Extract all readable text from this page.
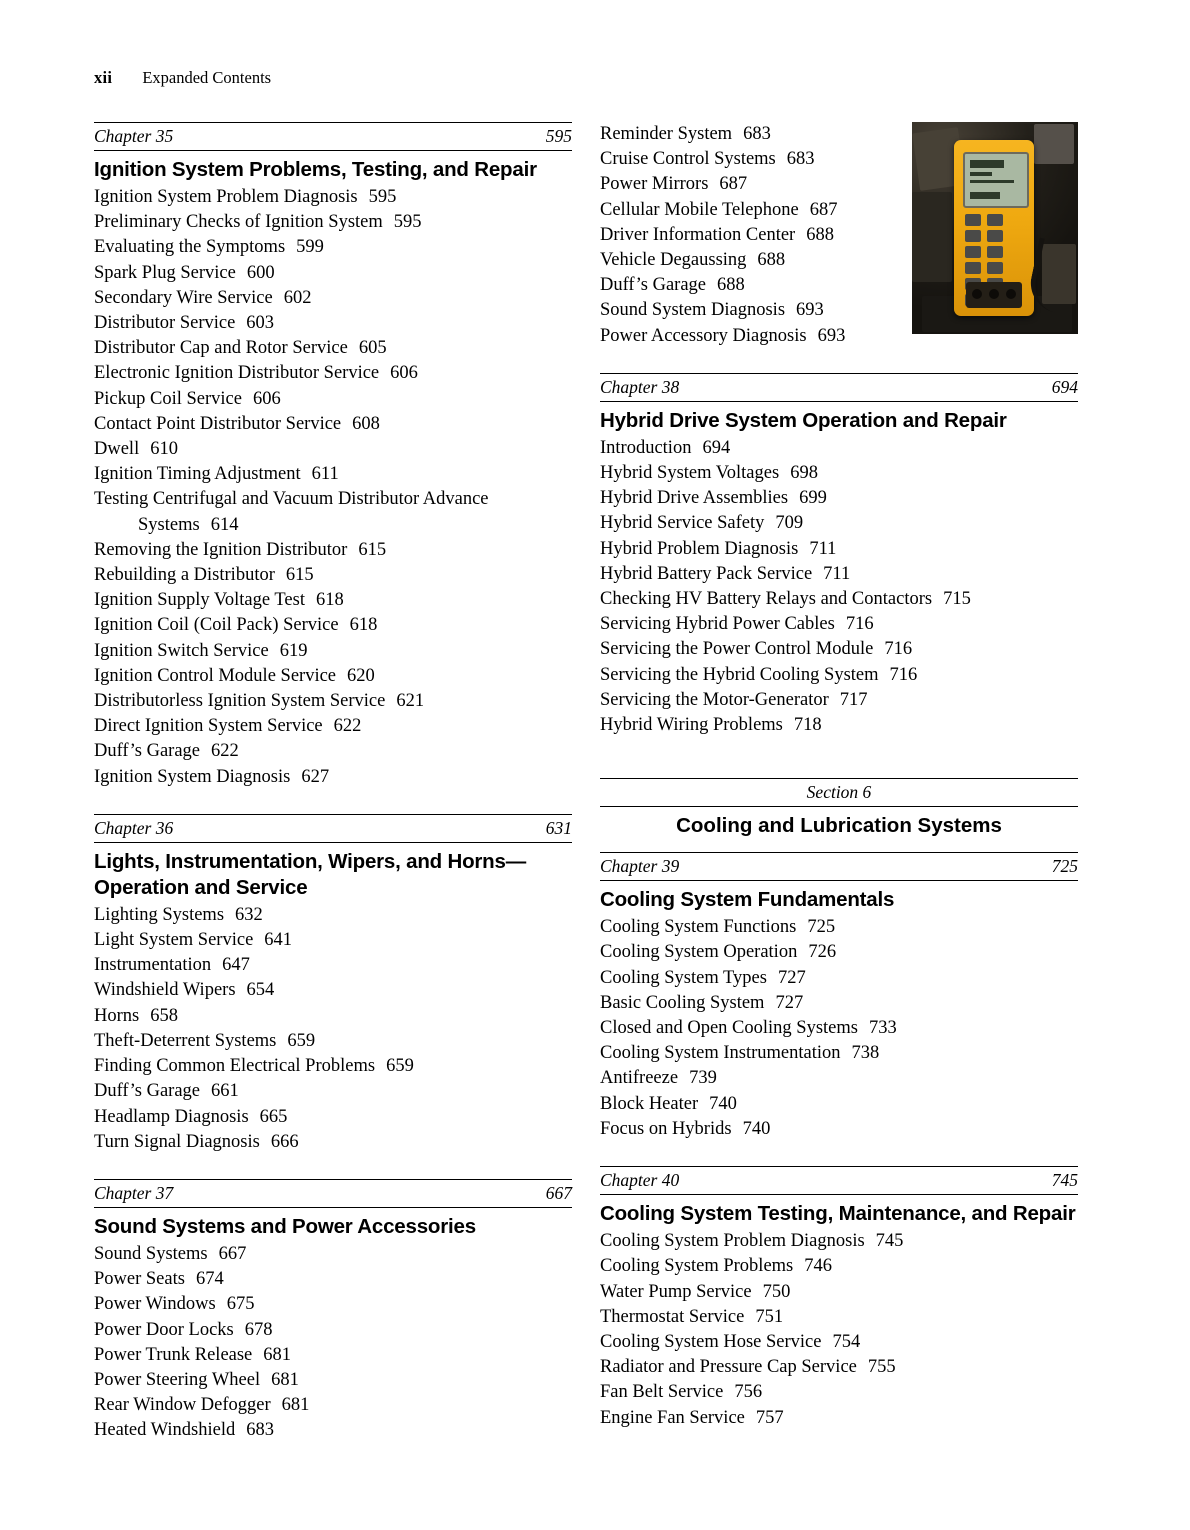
xii Expanded Contents
Chapter 35	595
Ignition System Problems, Testing, and Repair
Ignition System Problem Diagnosis 595
Preliminary Checks of Ignition System 595
Evaluating the Symptoms 599
Spark Plug Service 600
Secondary Wire Service 602
Distributor Service 603
Distributor Cap and Rotor Service 605
Electronic Ignition Distributor Service 606
Pickup Coil Service 606
Contact Point Distributor Service 608
Dwell 610
Ignition Timing Adjustment 611
Testing Centrifugal and Vacuum Distributor Advance
Systems 614
Removing the Ignition Distributor 615
Rebuilding a Distributor 615
Ignition Supply Voltage Test 618
Ignition Coil (Coil Pack) Service 618
Ignition Switch Service 619
Ignition Control Module Service 620
Distributorless Ignition System Service 621
Direct Ignition System Service 622
Duff’s Garage 622
Ignition System Diagnosis 627
Chapter 36	631
Lights, Instrumentation, Wipers, and Horns—Operation and Service
Lighting Systems 632
Light System Service 641
Instrumentation 647
Windshield Wipers 654
Horns 658
Theft-Deterrent Systems 659
Finding Common Electrical Problems 659
Duff’s Garage 661
Headlamp Diagnosis 665
Turn Signal Diagnosis 666
Chapter 37	667
Sound Systems and Power Accessories
Sound Systems 667
Power Seats 674
Power Windows 675
Power Door Locks 678
Power Trunk Release 681
Power Steering Wheel 681
Rear Window Defogger 681
Heated Windshield 683
Reminder System 683
Cruise Control Systems 683
Power Mirrors 687
Cellular Mobile Telephone 687
Driver Information Center 688
Vehicle Degaussing 688
Duff’s Garage 688
Sound System Diagnosis 693
Power Accessory Diagnosis 693
Chapter 38	694
Hybrid Drive System Operation and Repair
Introduction 694
Hybrid System Voltages 698
Hybrid Drive Assemblies 699
Hybrid Service Safety 709
Hybrid Problem Diagnosis 711
Hybrid Battery Pack Service 711
Checking HV Battery Relays and Contactors 715
Servicing Hybrid Power Cables 716
Servicing the Power Control Module 716
Servicing the Hybrid Cooling System 716
Servicing the Motor-Generator 717
Hybrid Wiring Problems 718
Section 6
Cooling and Lubrication Systems
Chapter 39	725
Cooling System Fundamentals
Cooling System Functions 725
Cooling System Operation 726
Cooling System Types 727
Basic Cooling System 727
Closed and Open Cooling Systems 733
Cooling System Instrumentation 738
Antifreeze 739
Block Heater 740
Focus on Hybrids 740
Chapter 40	745
Cooling System Testing, Maintenance, and Repair
Cooling System Problem Diagnosis 745
Cooling System Problems 746
Water Pump Service 750
Thermostat Service 751
Cooling System Hose Service 754
Radiator and Pressure Cap Service 755
Fan Belt Service 756
Engine Fan Service 757
